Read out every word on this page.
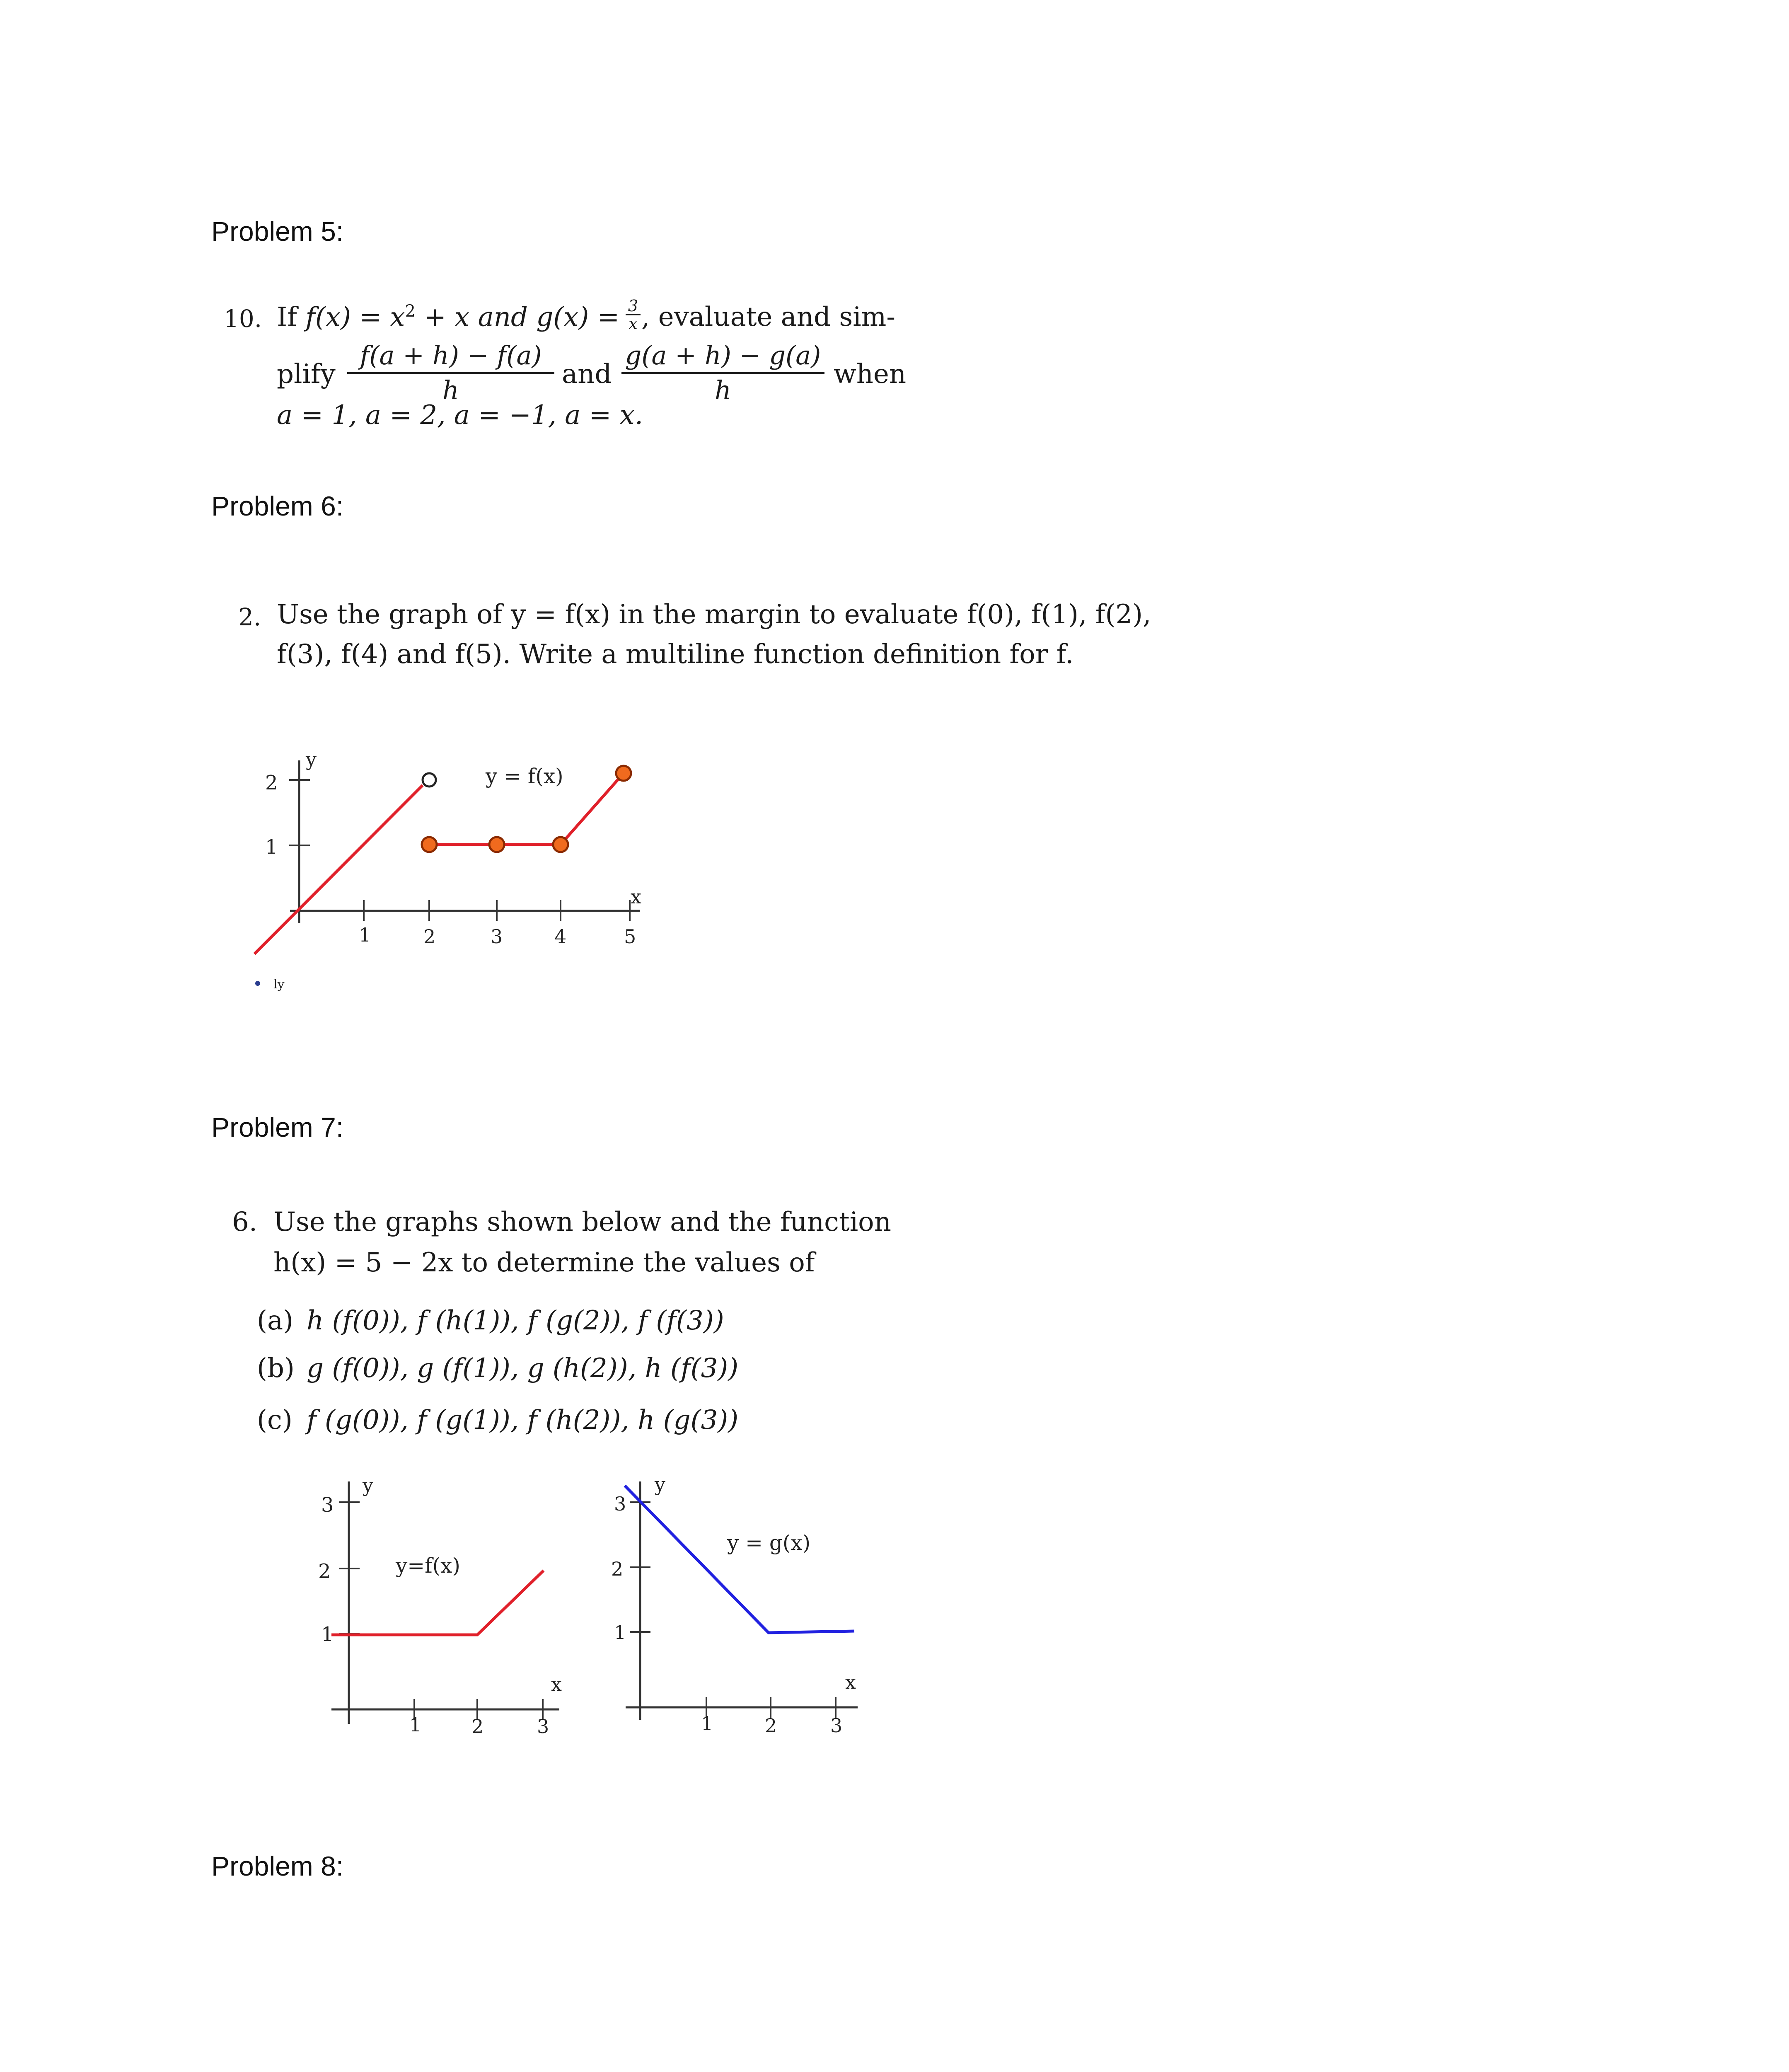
Problem 5:
10. If $f(x) = x^2 + x$ and $g(x) = \frac{3}{x}$ , evaluate and sim-
plify $\frac{f(a + h) - f(a)}{h}$ and $\frac{g(a + h) - g(a)}{h}$ when
a = 1, a = 2, a = −1, a = x.
Problem 6:
2. Use the graph of y = f(x) in the margin to evaluate f(0), f(1), f(2),
f(3), f(4) and f(5). Write a multiline function definition for f.
2
1
y
x
1	2	3	4	5
y = f(x)
ly
Problem 7:
6. Use the graphs shown below and the function
h(x) = 5 − 2x to determine the values of
(a) h (f(0)), f (h(1)), f (g(2)), f (f(3))
(b) g (f(0)), g (f(1)), g (h(2)), h (f(3))
(c) f (g(0)), f (g(1)), f (h(2)), h (g(3))
3
2
1
y
x
1	2	3
y=f(x)
3
2
1
y
x
1	2	3
y = g(x)
Problem 8:
